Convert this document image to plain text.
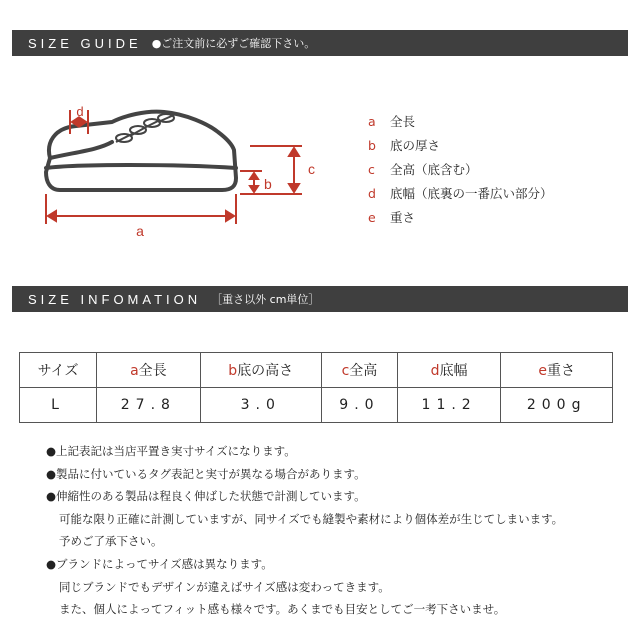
SIZE GUIDE ●ご注文前に必ずご確認下さい。
d
a
c
b
a	全長
b	底の厚さ
c	全高（底含む）
d	底幅（底裏の一番広い部分）
e	重さ
SIZE INFOMATION ［重さ以外 cm単位］
サイズ	a全長	b底の高さ	c全高	d底幅	e重さ
L	27.8	3.0	9.0	11.2	200g
●上記表記は当店平置き実寸サイズになります。
●製品に付いているタグ表記と実寸が異なる場合があります。
●伸縮性のある製品は程良く伸ばした状態で計測しています。
可能な限り正確に計測していますが、同サイズでも縫製や素材により個体差が生じてしまいます。
予めご了承下さい。
●ブランドによってサイズ感は異なります。
同じブランドでもデザインが違えばサイズ感は変わってきます。
また、個人によってフィット感も様々です。あくまでも目安としてご一考下さいませ。
